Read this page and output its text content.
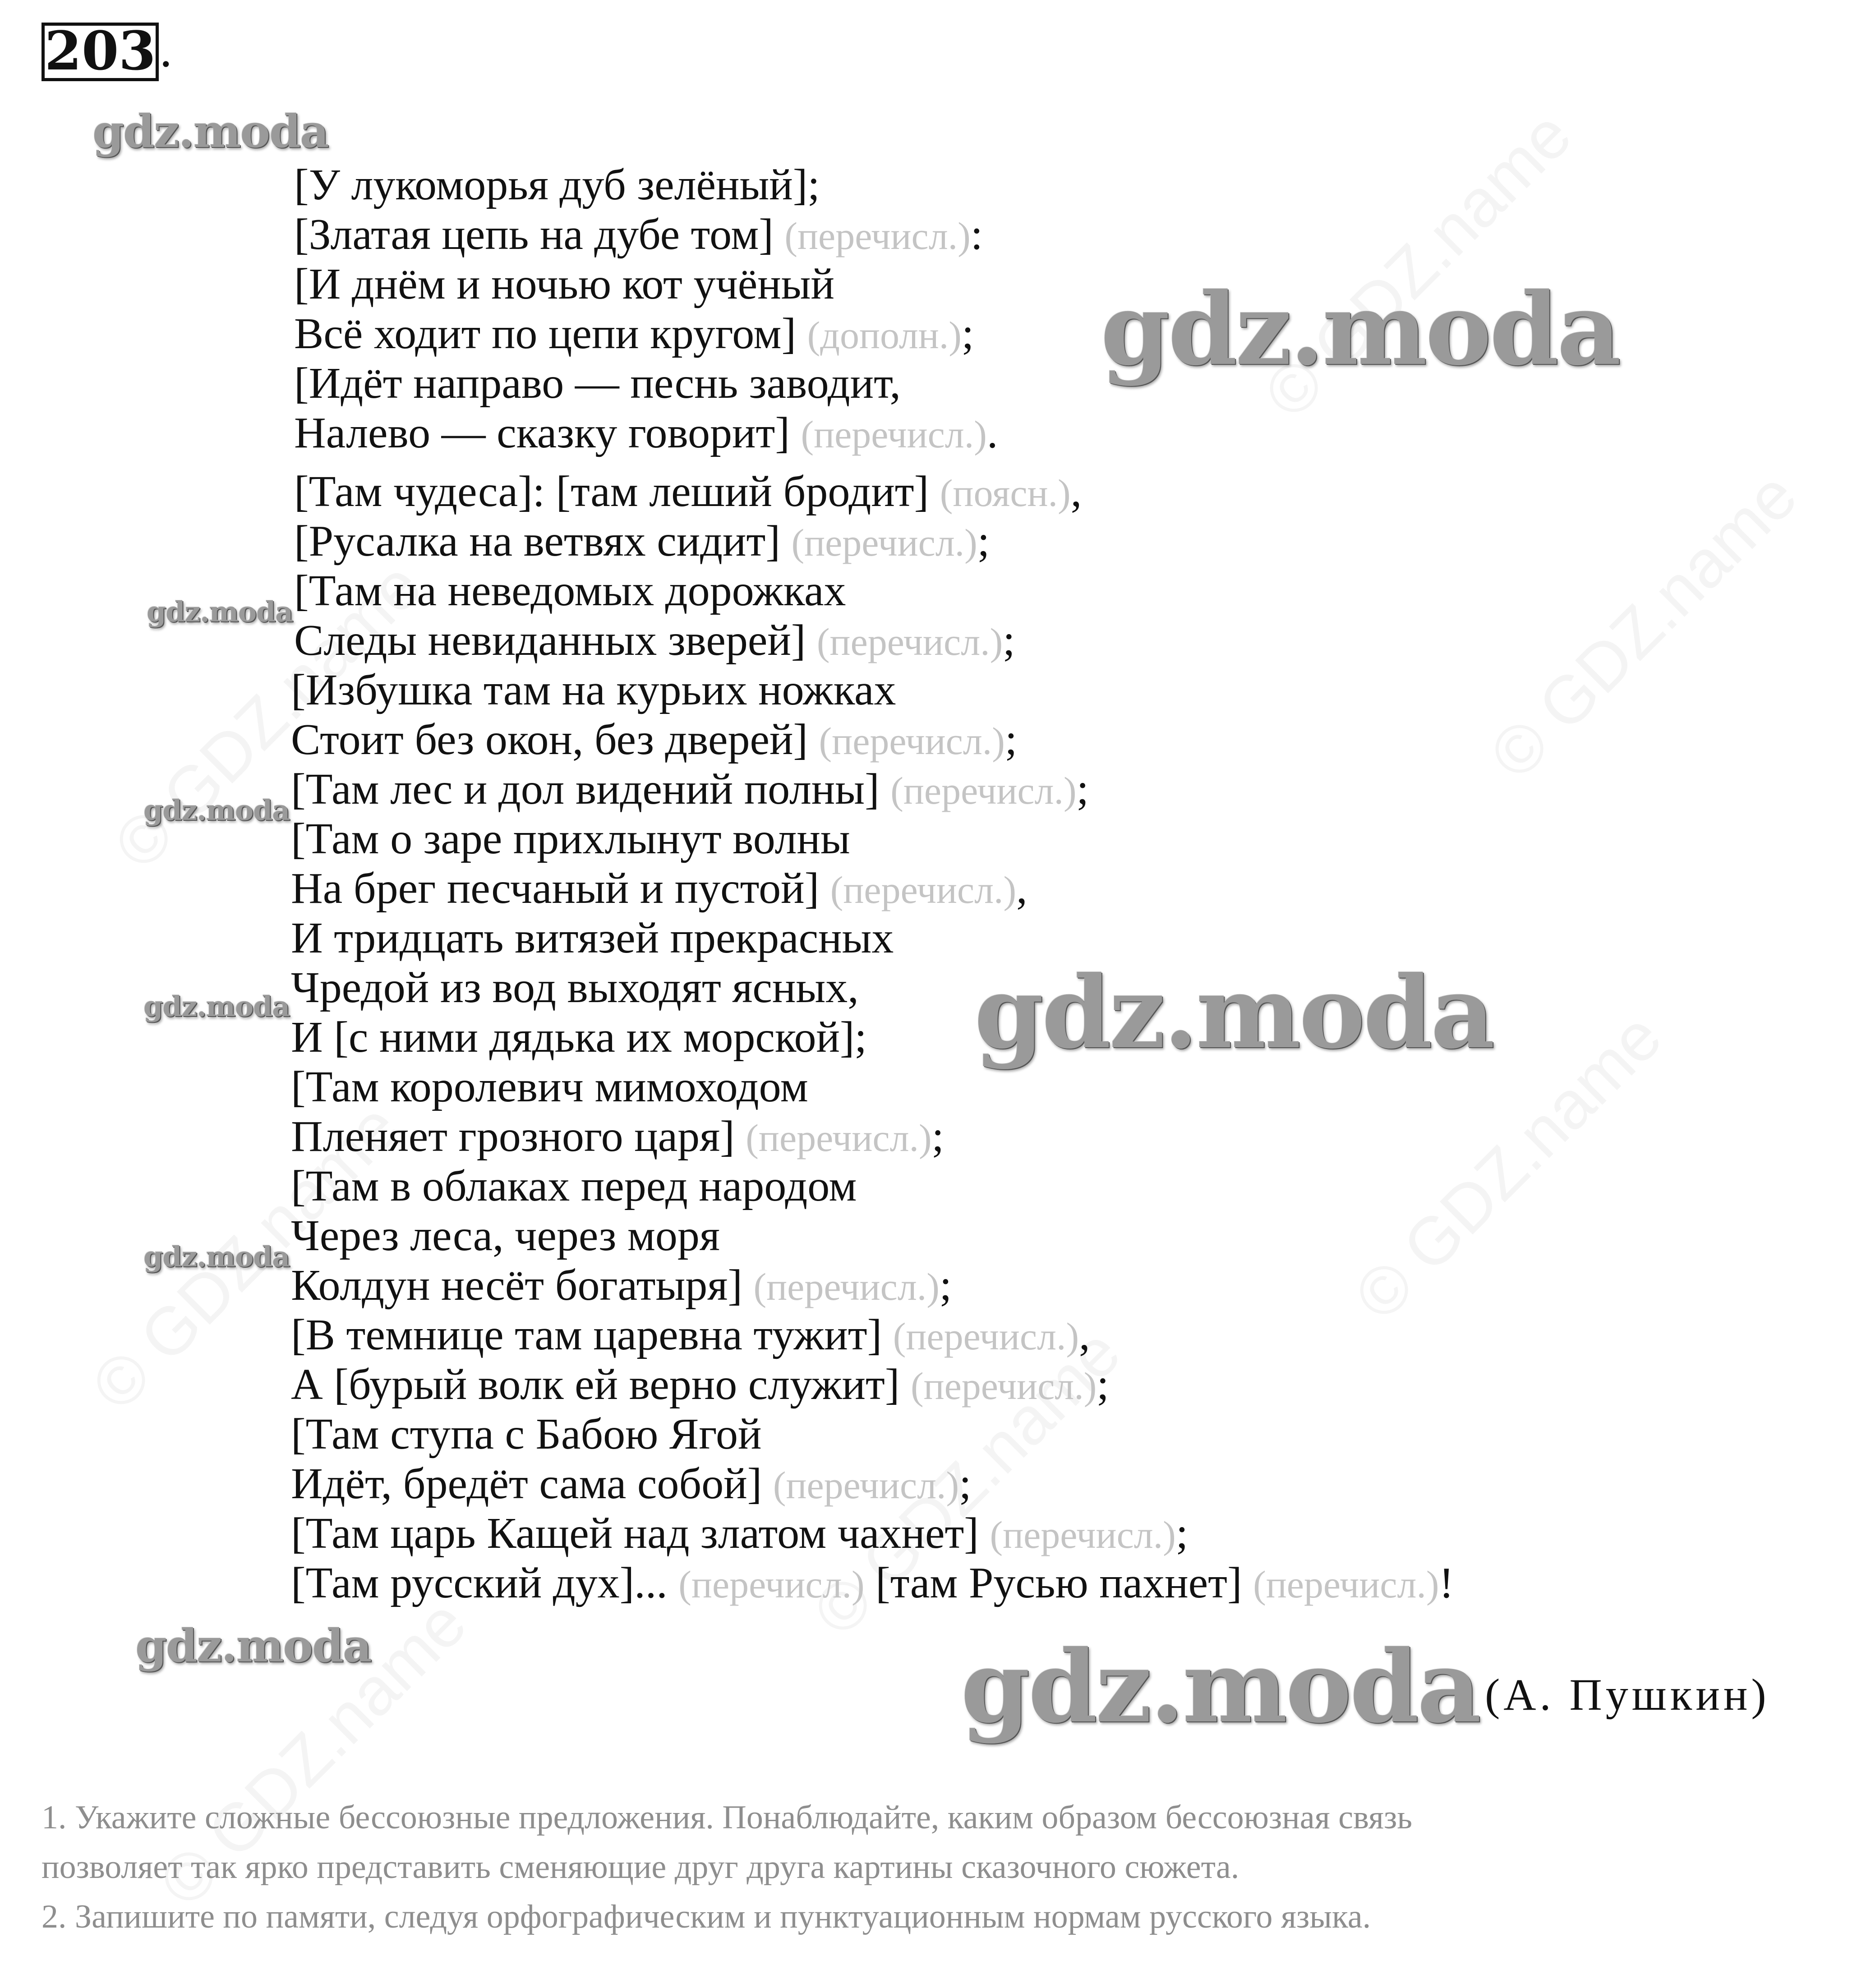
203 .
gdz.moda
gdz.moda
gdz.moda
gdz.moda
gdz.moda
gdz.moda
gdz.moda
gdz.moda	gdz.moda
[У лукоморья дуб зелёный];
[Златая цепь на дубе том] (перечисл.):
[И днём и ночью кот учёный
Всё ходит по цепи кругом] (дополн.);
[Идёт направо — песнь заводит,
Налево — сказку говорит] (перечисл.).
[Там чудеса]: [там леший бродит] (поясн.),
[Русалка на ветвях сидит] (перечисл.);
[Там на неведомых дорожках
Следы невиданных зверей] (перечисл.);
[Избушка там на курьих ножках
Стоит без окон, без дверей] (перечисл.);
[Там лес и дол видений полны] (перечисл.);
[Там о заре прихлынут волны
На брег песчаный и пустой] (перечисл.),
И тридцать витязей прекрасных
Чредой из вод выходят ясных,
И [с ними дядька их морской];
[Там королевич мимоходом
Пленяет грозного царя] (перечисл.);
[Там в облаках перед народом
Через леса, через моря
Колдун несёт богатыря] (перечисл.);
[В темнице там царевна тужит] (перечисл.),
А [бурый волк ей верно служит] (перечисл.);
[Там ступа с Бабою Ягой
Идёт, бредёт сама собой] (перечисл.);
[Там царь Кащей над златом чахнет] (перечисл.);
[Там русский дух]... (перечисл.) [там Русью пахнет] (перечисл.)!
(А. Пушкин)
1. Укажите сложные бессоюзные предложения. Понаблюдайте, каким образом бессоюзная связь
позволяет так ярко представить сменяющие друг друга картины сказочного сюжета.
2. Запишите по памяти, следуя орфографическим и пунктуационным нормам русского языка.
